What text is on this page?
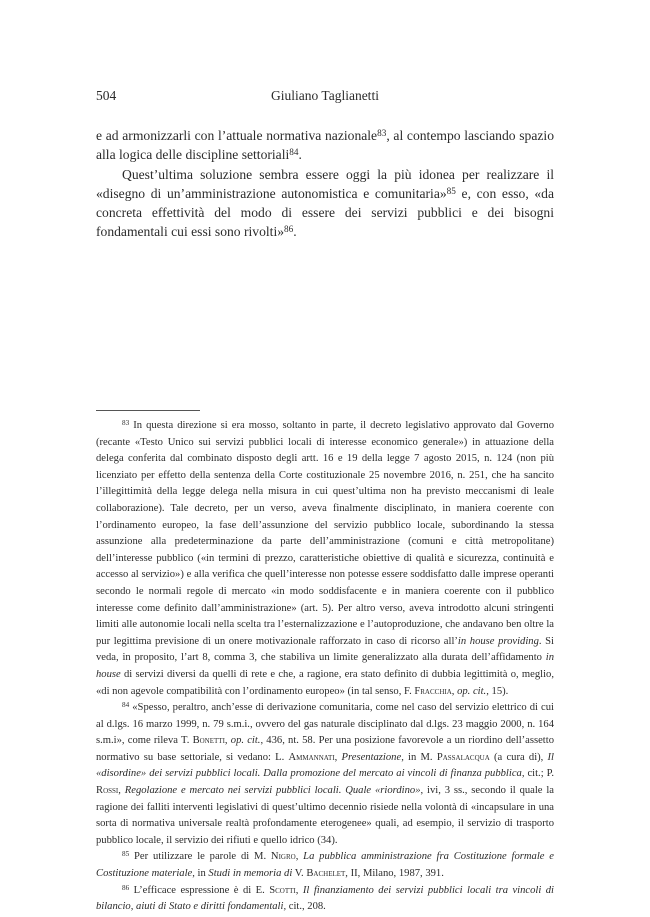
504	Giuliano Taglianetti

e ad armonizzarli con l’attuale normativa nazionale$^{83}$, al contempo lasciando spazio alla logica delle discipline settoriali$^{84}$.

Quest’ultima soluzione sembra essere oggi la più idonea per realizzare il «disegno di un’amministrazione autonomistica e comunitaria»$^{85}$ e, con esso, «da concreta effettività del modo di essere dei servizi pubblici e dei bisogni fondamentali cui essi sono rivolti»$^{86}$.

$^{83}$ In questa direzione si era mosso, soltanto in parte, il decreto legislativo approvato dal Governo (recante «Testo Unico sui servizi pubblici locali di interesse economico generale») in attuazione della delega conferita dal combinato disposto degli artt. 16 e 19 della legge 7 agosto 2015, n. 124 (non più licenziato per effetto della sentenza della Corte costituzionale 25 novembre 2016, n. 251, che ha sancito l’illegittimità della legge delega nella misura in cui quest’ultima non ha previsto meccanismi di leale collaborazione). Tale decreto, per un verso, aveva finalmente disciplinato, in maniera coerente con l’ordinamento europeo, la fase dell’assunzione del servizio pubblico locale, subordinando la stessa assunzione alla predeterminazione da parte dell’amministrazione (comuni e città metropolitane) dell’interesse pubblico («in termini di prezzo, caratteristiche obiettive di qualità e sicurezza, continuità e accesso al servizio») e alla verifica che quell’interesse non potesse essere soddisfatto dalle imprese operanti secondo le normali regole di mercato «in modo soddisfacente e in maniera coerente con il pubblico interesse come definito dall’amministrazione» (art. 5). Per altro verso, aveva introdotto alcuni stringenti limiti alle autonomie locali nella scelta tra l’esternalizzazione e l’autoproduzione, che andavano ben oltre la pur legittima previsione di un onere motivazionale rafforzato in caso di ricorso all’in house providing. Si veda, in proposito, l’art 8, comma 3, che stabiliva un limite generalizzato alla durata dell’affidamento in house di servizi diversi da quelli di rete e che, a ragione, era stato definito di dubbia legittimità o, meglio, «di non agevole compatibilità con l’ordinamento europeo» (in tal senso, F. Fracchia, op. cit., 15).

$^{84}$ «Spesso, peraltro, anch’esse di derivazione comunitaria, come nel caso del servizio elettrico di cui al d.lgs. 16 marzo 1999, n. 79 s.m.i., ovvero del gas naturale disciplinato dal d.lgs. 23 maggio 2000, n. 164 s.m.i», come rileva T. Bonetti, op. cit., 436, nt. 58. Per una posizione favorevole a un riordino dell’assetto normativo su base settoriale, si vedano: L. Ammannati, Presentazione, in M. Passalacqua (a cura di), Il «disordine» dei servizi pubblici locali. Dalla promozione del mercato ai vincoli di finanza pubblica, cit.; P. Rossi, Regolazione e mercato nei servizi pubblici locali. Quale «riordino», ivi, 3 ss., secondo il quale la ragione dei falliti interventi legislativi di quest’ultimo decennio risiede nella volontà di «incapsulare in una sorta di normativa universale realtà profondamente eterogenee» quali, ad esempio, il servizio di trasporto pubblico locale, il servizio dei rifiuti e quello idrico (34).

$^{85}$ Per utilizzare le parole di M. Nigro, La pubblica amministrazione fra Costituzione formale e Costituzione materiale, in Studi in memoria di V. Bachelet, II, Milano, 1987, 391.

$^{86}$ L’efficace espressione è di E. Scotti, Il finanziamento dei servizi pubblici locali tra vincoli di bilancio, aiuti di Stato e diritti fondamentali, cit., 208.
